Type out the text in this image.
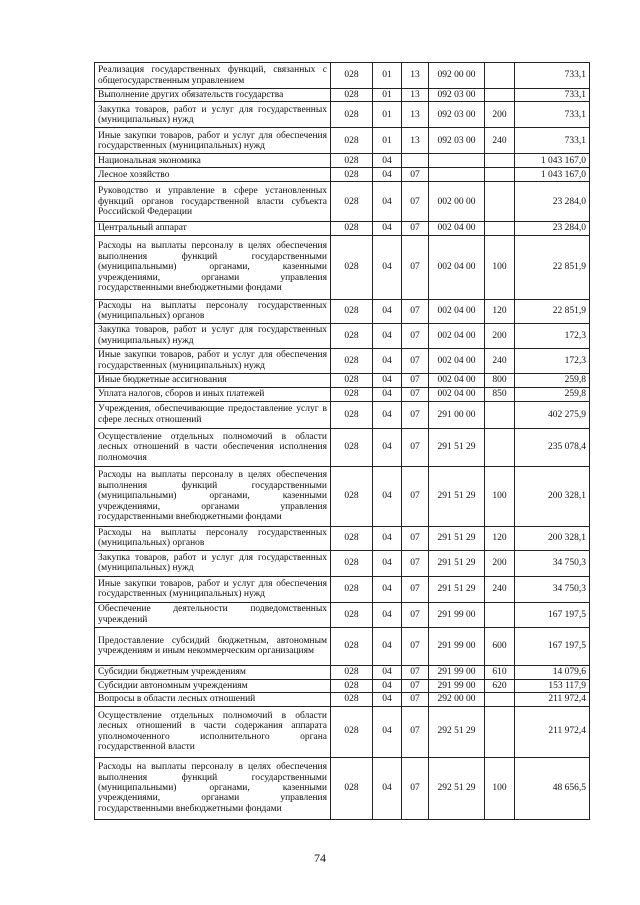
Реализация государственных функций, связанных с общегосударственным управлением	028	01	13	092 00 00		733,1
Выполнение других обязательств государства	028	01	13	092 03 00		733,1
Закупка товаров, работ и услуг для государственных (муниципальных) нужд	028	01	13	092 03 00	200	733,1
Иные закупки товаров, работ и услуг для обеспечения государственных (муниципальных) нужд	028	01	13	092 03 00	240	733,1
Национальная экономика	028	04				1 043 167,0
Лесное хозяйство	028	04	07			1 043 167,0
Руководство и управление в сфере установленных функций органов государственной власти субъекта Российской Федерации	028	04	07	002 00 00		23 284,0
Центральный аппарат	028	04	07	002 04 00		23 284,0
Расходы на выплаты персоналу в целях обеспечения выполнения функций государственными (муниципальными) органами, казенными учреждениями, органами управления государственными внебюджетными фондами	028	04	07	002 04 00	100	22 851,9
Расходы на выплаты персоналу государственных (муниципальных) органов	028	04	07	002 04 00	120	22 851,9
Закупка товаров, работ и услуг для государственных (муниципальных) нужд	028	04	07	002 04 00	200	172,3
Иные закупки товаров, работ и услуг для обеспечения государственных (муниципальных) нужд	028	04	07	002 04 00	240	172,3
Иные бюджетные ассигнования	028	04	07	002 04 00	800	259,8
Уплата налогов, сборов и иных платежей	028	04	07	002 04 00	850	259,8
Учреждения, обеспечивающие предоставление услуг в сфере лесных отношений	028	04	07	291 00 00		402 275,9
Осуществление отдельных полномочий в области лесных отношений в части обеспечения исполнения полномочия	028	04	07	291 51 29		235 078,4
Расходы на выплаты персоналу в целях обеспечения выполнения функций государственными (муниципальными) органами, казенными учреждениями, органами управления государственными внебюджетными фондами	028	04	07	291 51 29	100	200 328,1
Расходы на выплаты персоналу государственных (муниципальных) органов	028	04	07	291 51 29	120	200 328,1
Закупка товаров, работ и услуг для государственных (муниципальных) нужд	028	04	07	291 51 29	200	34 750,3
Иные закупки товаров, работ и услуг для обеспечения государственных (муниципальных) нужд	028	04	07	291 51 29	240	34 750,3
Обеспечение деятельности подведомственных учреждений	028	04	07	291 99 00		167 197,5
Предоставление субсидий бюджетным, автономным учреждениям и иным некоммерческим организациям	028	04	07	291 99 00	600	167 197,5
Субсидии бюджетным учреждениям	028	04	07	291 99 00	610	14 079,6
Субсидии автономным учреждениям	028	04	07	291 99 00	620	153 117,9
Вопросы в области лесных отношений	028	04	07	292 00 00		211 972,4
Осуществление отдельных полномочий в области лесных отношений в части содержания аппарата уполномоченного исполнительного органа государственной власти	028	04	07	292 51 29		211 972,4
Расходы на выплаты персоналу в целях обеспечения выполнения функций государственными (муниципальными) органами, казенными учреждениями, органами управления государственными внебюджетными фондами	028	04	07	292 51 29	100	48 656,5
74
